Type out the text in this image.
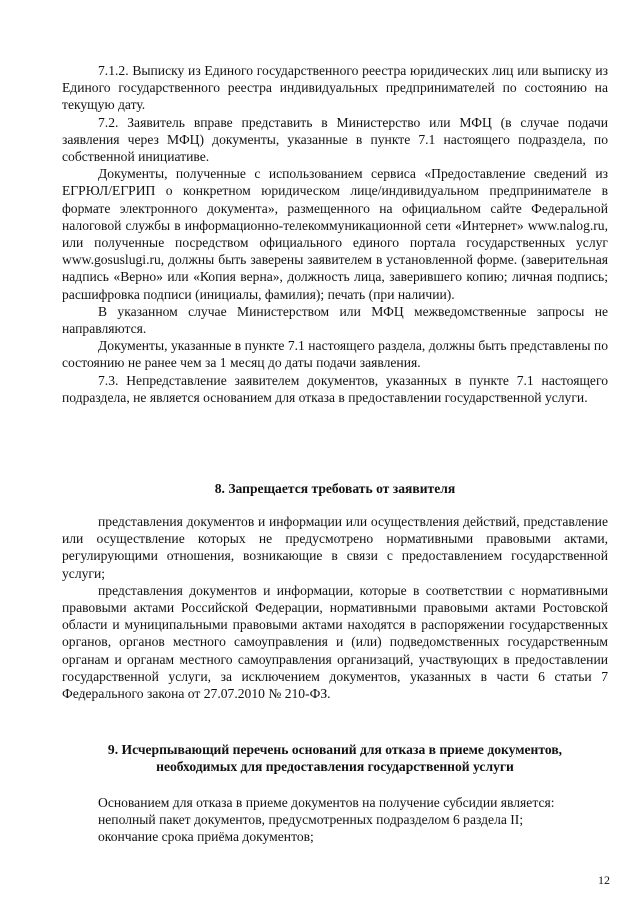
7.1.2. Выписку из Единого государственного реестра юридических лиц или выписку из Единого государственного реестра индивидуальных предпринимателей по состоянию на текущую дату.

7.2. Заявитель вправе представить в Министерство или МФЦ (в случае подачи заявления через МФЦ) документы, указанные в пункте 7.1 настоящего подраздела, по собственной инициативе.

Документы, полученные с использованием сервиса «Предоставление сведений из ЕГРЮЛ/ЕГРИП о конкретном юридическом лице/индивидуальном предпринимателе в формате электронного документа», размещенного на официальном сайте Федеральной налоговой службы в информационно-телекоммуникационной сети «Интернет» www.nalog.ru, или полученные посредством официального единого портала государственных услуг www.gosuslugi.ru, должны быть заверены заявителем в установленной форме. (заверительная надпись «Верно» или «Копия верна», должность лица, заверившего копию; личная подпись; расшифровка подписи (инициалы, фамилия); печать (при наличии).

В указанном случае Министерством или МФЦ межведомственные запросы не направляются.

Документы, указанные в пункте 7.1 настоящего раздела, должны быть представлены по состоянию не ранее чем за 1 месяц до даты подачи заявления.

7.3. Непредставление заявителем документов, указанных в пункте 7.1 настоящего подраздела, не является основанием для отказа в предоставлении государственной услуги.

8. Запрещается требовать от заявителя

представления документов и информации или осуществления действий, представление или осуществление которых не предусмотрено нормативными правовыми актами, регулирующими отношения, возникающие в связи с предоставлением государственной услуги;

представления документов и информации, которые в соответствии с нормативными правовыми актами Российской Федерации, нормативными правовыми актами Ростовской области и муниципальными правовыми актами находятся в распоряжении государственных органов, органов местного самоуправления и (или) подведомственных государственным органам и органам местного самоуправления организаций, участвующих в предоставлении государственной услуги, за исключением документов, указанных в части 6 статьи 7 Федерального закона от 27.07.2010 № 210-ФЗ.

9. Исчерпывающий перечень оснований для отказа в приеме документов,
необходимых для предоставления государственной услуги

Основанием для отказа в приеме документов на получение субсидии является:

неполный пакет документов, предусмотренных подразделом 6 раздела II;

окончание срока приёма документов;

12
